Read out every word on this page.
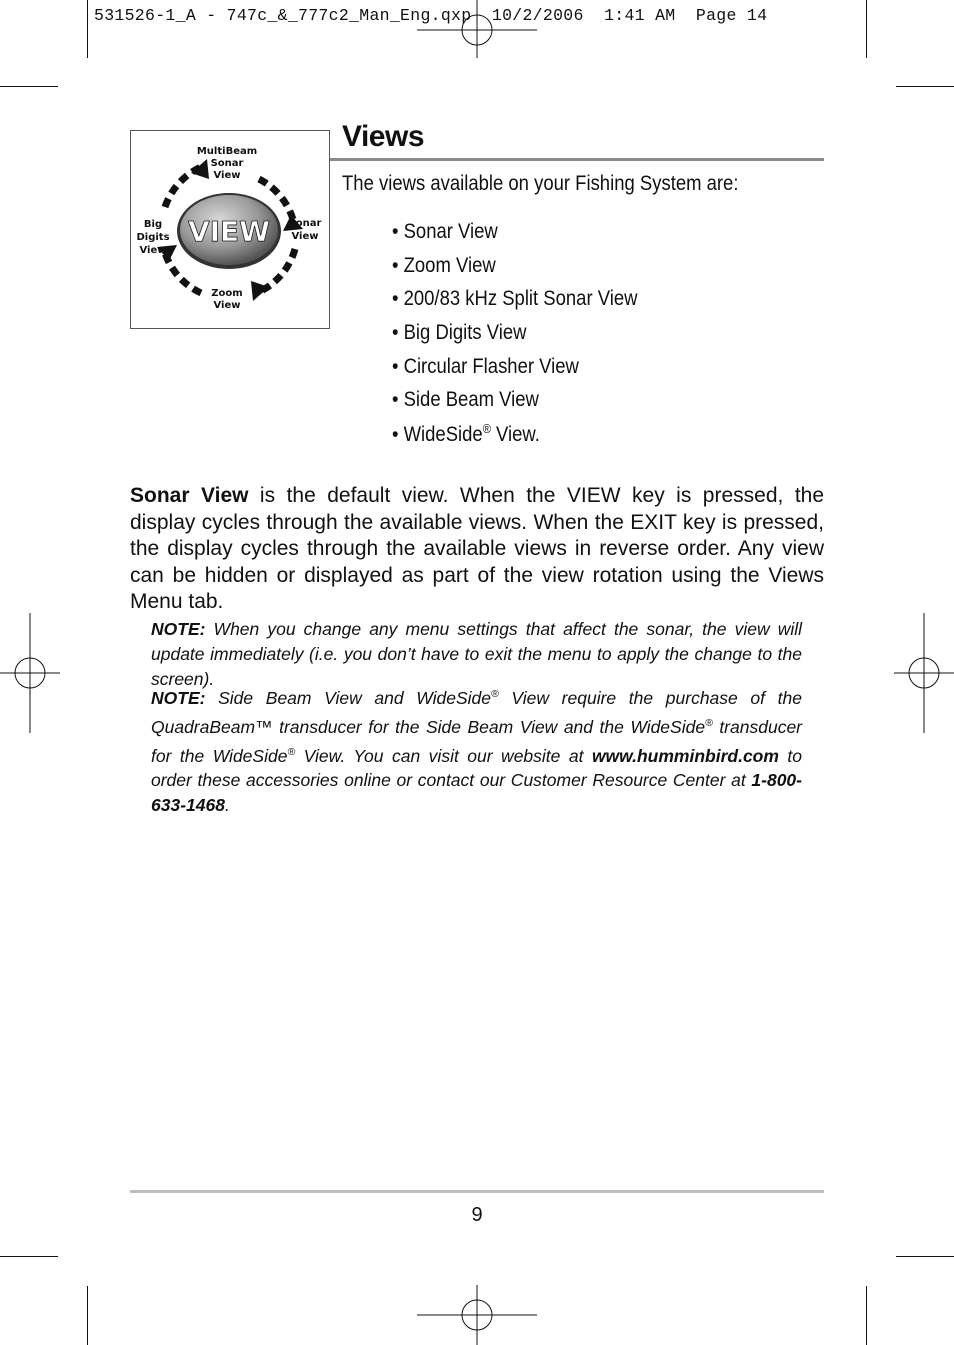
531526-1_A - 747c_&_777c2_Man_Eng.qxp  10/2/2006  1:41 AM  Page 14
VIEW
MultiBeam
Sonar
View
Sonar
View
Zoom
View
Big
Digits
View
Views
The views available on your Fishing System are:
• Sonar View
• Zoom View
• 200/83 kHz Split Sonar View
• Big Digits View
• Circular Flasher View
• Side Beam View
• WideSide® View.
Sonar View is the default view. When the VIEW key is pressed, the display cycles through the available views. When the EXIT key is pressed, the display cycles through the available views in reverse order. Any view can be hidden or displayed as part of the view rotation using the Views Menu tab.
NOTE: When you change any menu settings that affect the sonar, the view will update immediately (i.e. you don’t have to exit the menu to apply the change to the screen).
NOTE: Side Beam View and WideSide® View require the purchase of the QuadraBeam™ transducer for the Side Beam View and the WideSide® transducer for the WideSide® View. You can visit our website at www.humminbird.com to order these accessories online or contact our Customer Resource Center at 1-800-633-1468.
9
